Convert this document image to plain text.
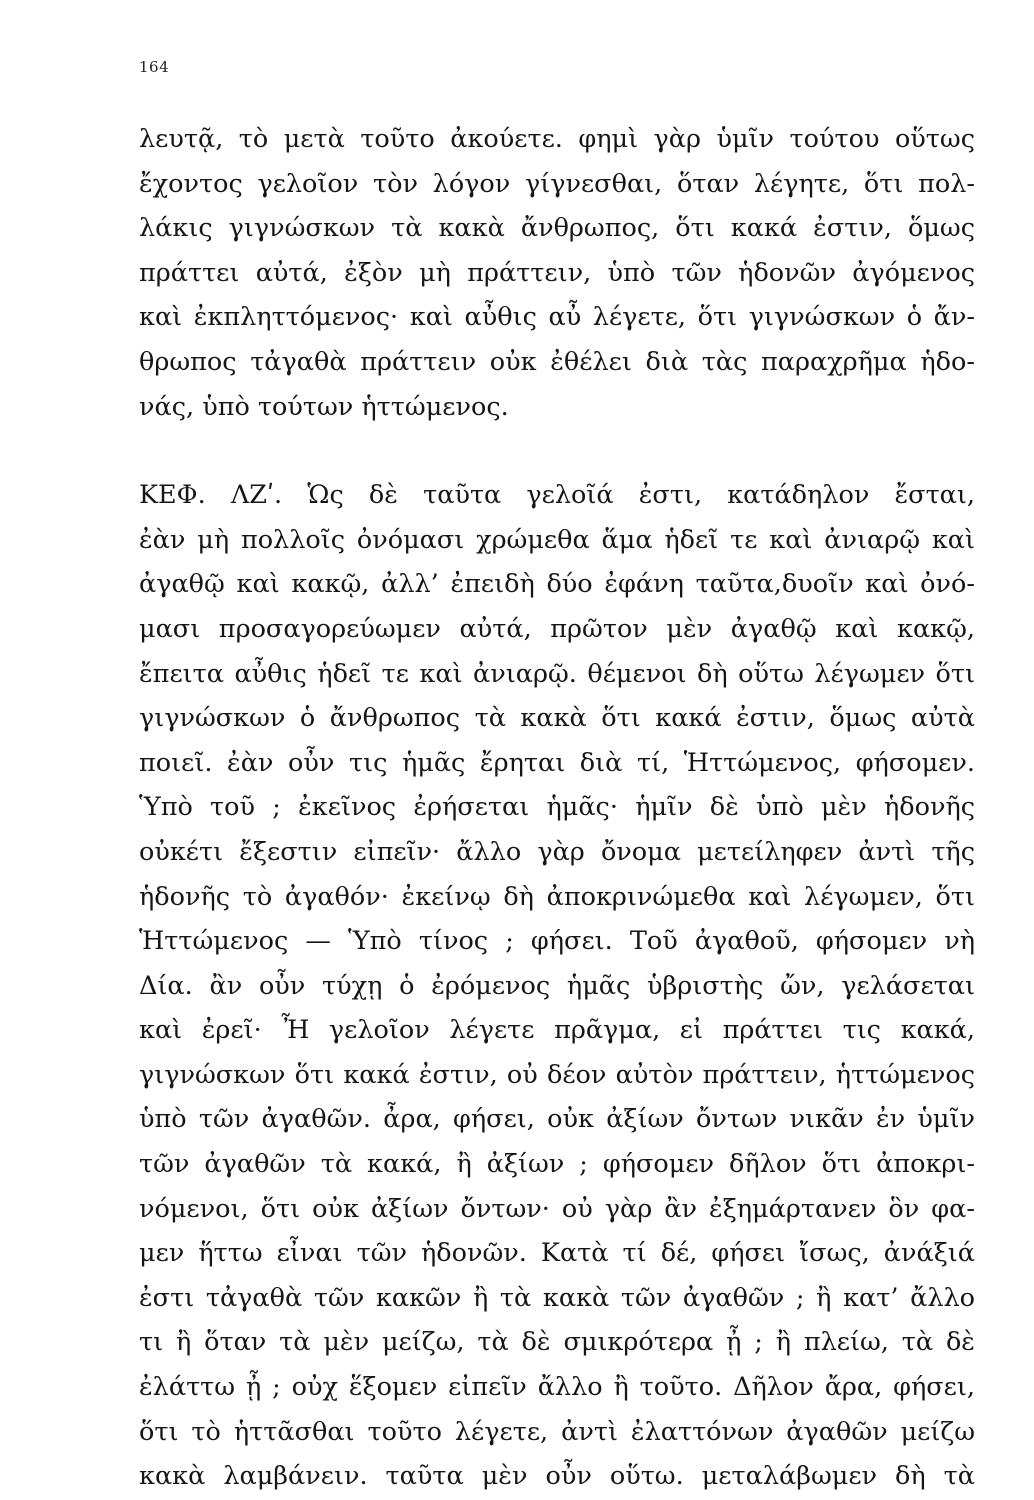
164
λευτᾷ, τὸ μετὰ τοῦτο ἀκούετε. φημὶ γὰρ ὑμῖν τούτου οὕτως
ἔχοντος γελοῖον τὸν λόγον γίγνεσθαι, ὅταν λέγητε, ὅτι πολ-
λάκις γιγνώσκων τὰ κακὰ ἄνθρωπος, ὅτι κακά ἐστιν, ὅμως
πράττει αὐτά, ἐξὸν μὴ πράττειν, ὑπὸ τῶν ἡδονῶν ἀγόμενος
καὶ ἐκπληττόμενος· καὶ αὖθις αὖ λέγετε, ὅτι γιγνώσκων ὁ ἄν-
θρωπος τἀγαθὰ πράττειν οὐκ ἐθέλει διὰ τὰς παραχρῆμα ἡδο-
νάς, ὑπὸ τούτων ἡττώμενος.
ΚΕΦ. ΛΖʹ. Ὡς δὲ ταῦτα γελοῖά ἐστι, κατάδηλον ἔσται,
ἐὰν μὴ πολλοῖς ὀνόμασι χρώμεθα ἅμα ἡδεῖ τε καὶ ἀνιαρῷ καὶ
ἀγαθῷ καὶ κακῷ, ἀλλ’ ἐπειδὴ δύο ἐφάνη ταῦτα,δυοῖν καὶ ὀνό-
μασι προσαγορεύωμεν αὐτά, πρῶτον μὲν ἀγαθῷ καὶ κακῷ,
ἔπειτα αὖθις ἡδεῖ τε καὶ ἀνιαρῷ. θέμενοι δὴ οὕτω λέγωμεν ὅτι
γιγνώσκων ὁ ἄνθρωπος τὰ κακὰ ὅτι κακά ἐστιν, ὅμως αὐτὰ
ποιεῖ. ἐὰν οὖν τις ἡμᾶς ἔρηται διὰ τί, Ἡττώμενος, φήσομεν.
Ὑπὸ τοῦ ; ἐκεῖνος ἐρήσεται ἡμᾶς· ἡμῖν δὲ ὑπὸ μὲν ἡδονῆς
οὐκέτι ἔξεστιν εἰπεῖν· ἄλλο γὰρ ὄνομα μετείληφεν ἀντὶ τῆς
ἡδονῆς τὸ ἀγαθόν· ἐκείνῳ δὴ ἀποκρινώμεθα καὶ λέγωμεν, ὅτι
Ἡττώμενος — Ὑπὸ τίνος ; φήσει. Τοῦ ἀγαθοῦ, φήσομεν νὴ
Δία. ἂν οὖν τύχῃ ὁ ἐρόμενος ἡμᾶς ὑβριστὴς ὤν, γελάσεται
καὶ ἐρεῖ· Ἦ γελοῖον λέγετε πρᾶγμα, εἰ πράττει τις κακά,
γιγνώσκων ὅτι κακά ἐστιν, οὐ δέον αὐτὸν πράττειν, ἡττώμενος
ὑπὸ τῶν ἀγαθῶν. ἆρα, φήσει, οὐκ ἀξίων ὄντων νικᾶν ἐν ὑμῖν
τῶν ἀγαθῶν τὰ κακά, ἢ ἀξίων ; φήσομεν δῆλον ὅτι ἀποκρι-
νόμενοι, ὅτι οὐκ ἀξίων ὄντων· οὐ γὰρ ἂν ἐξημάρτανεν ὃν φα-
μεν ἥττω εἶναι τῶν ἡδονῶν. Κατὰ τί δέ, φήσει ἴσως, ἀνάξιά
ἐστι τἀγαθὰ τῶν κακῶν ἢ τὰ κακὰ τῶν ἀγαθῶν ; ἢ κατ’ ἄλλο
τι ἢ ὅταν τὰ μὲν μείζω, τὰ δὲ σμικρότερα ᾖ ; ἢ πλείω, τὰ δὲ
ἐλάττω ᾖ ; οὐχ ἕξομεν εἰπεῖν ἄλλο ἢ τοῦτο. Δῆλον ἄρα, φήσει,
ὅτι τὸ ἡττᾶσθαι τοῦτο λέγετε, ἀντὶ ἐλαττόνων ἀγαθῶν μείζω
κακὰ λαμβάνειν. ταῦτα μὲν οὖν οὕτω. μεταλάβωμεν δὴ τὰ
